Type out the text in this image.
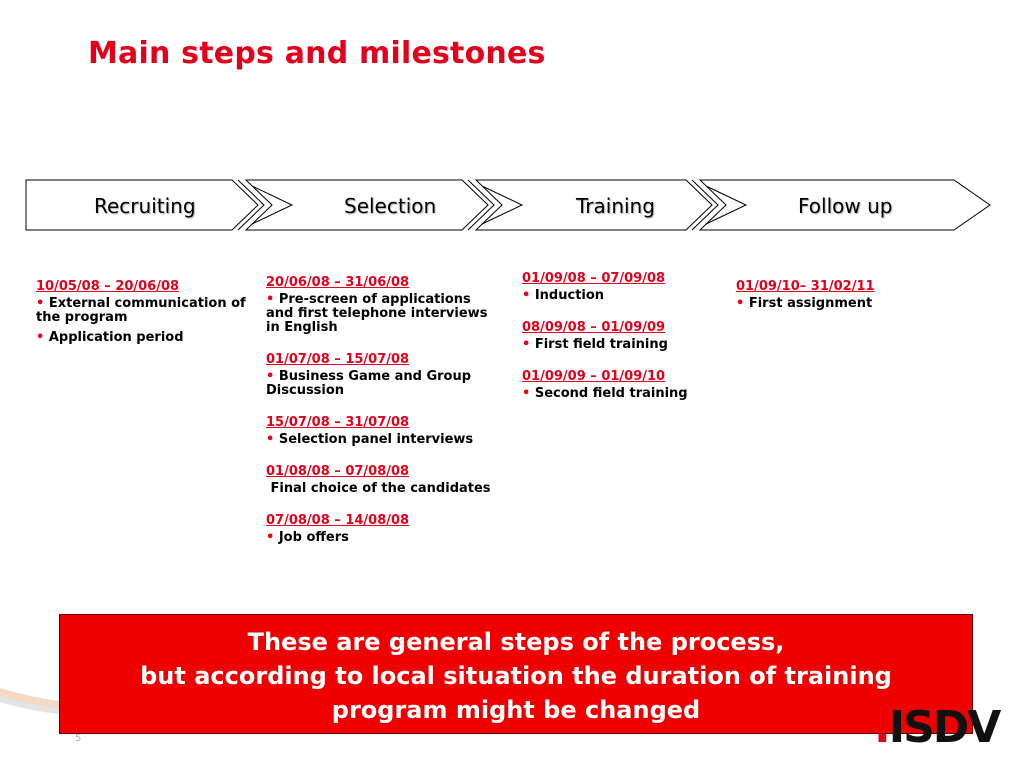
Main steps and milestones
Recruiting	Selection	Training	Follow up
10/05/08 – 20/06/08
• External communication of the program
• Application period
20/06/08 – 31/06/08
• Pre-screen of applications and first telephone interviews in English
01/07/08 – 15/07/08
• Business Game and Group Discussion
15/07/08 – 31/07/08
• Selection panel interviews
01/08/08 – 07/08/08
Final choice of the candidates
07/08/08 – 14/08/08
• Job offers
01/09/08 – 07/09/08
• Induction
08/09/08 – 01/09/09
• First field training
01/09/09 – 01/09/10
• Second field training
01/09/10– 31/02/11
• First assignment
These are general steps of the process,
but according to local situation the duration of training
program might be changed
5	.ISDV
